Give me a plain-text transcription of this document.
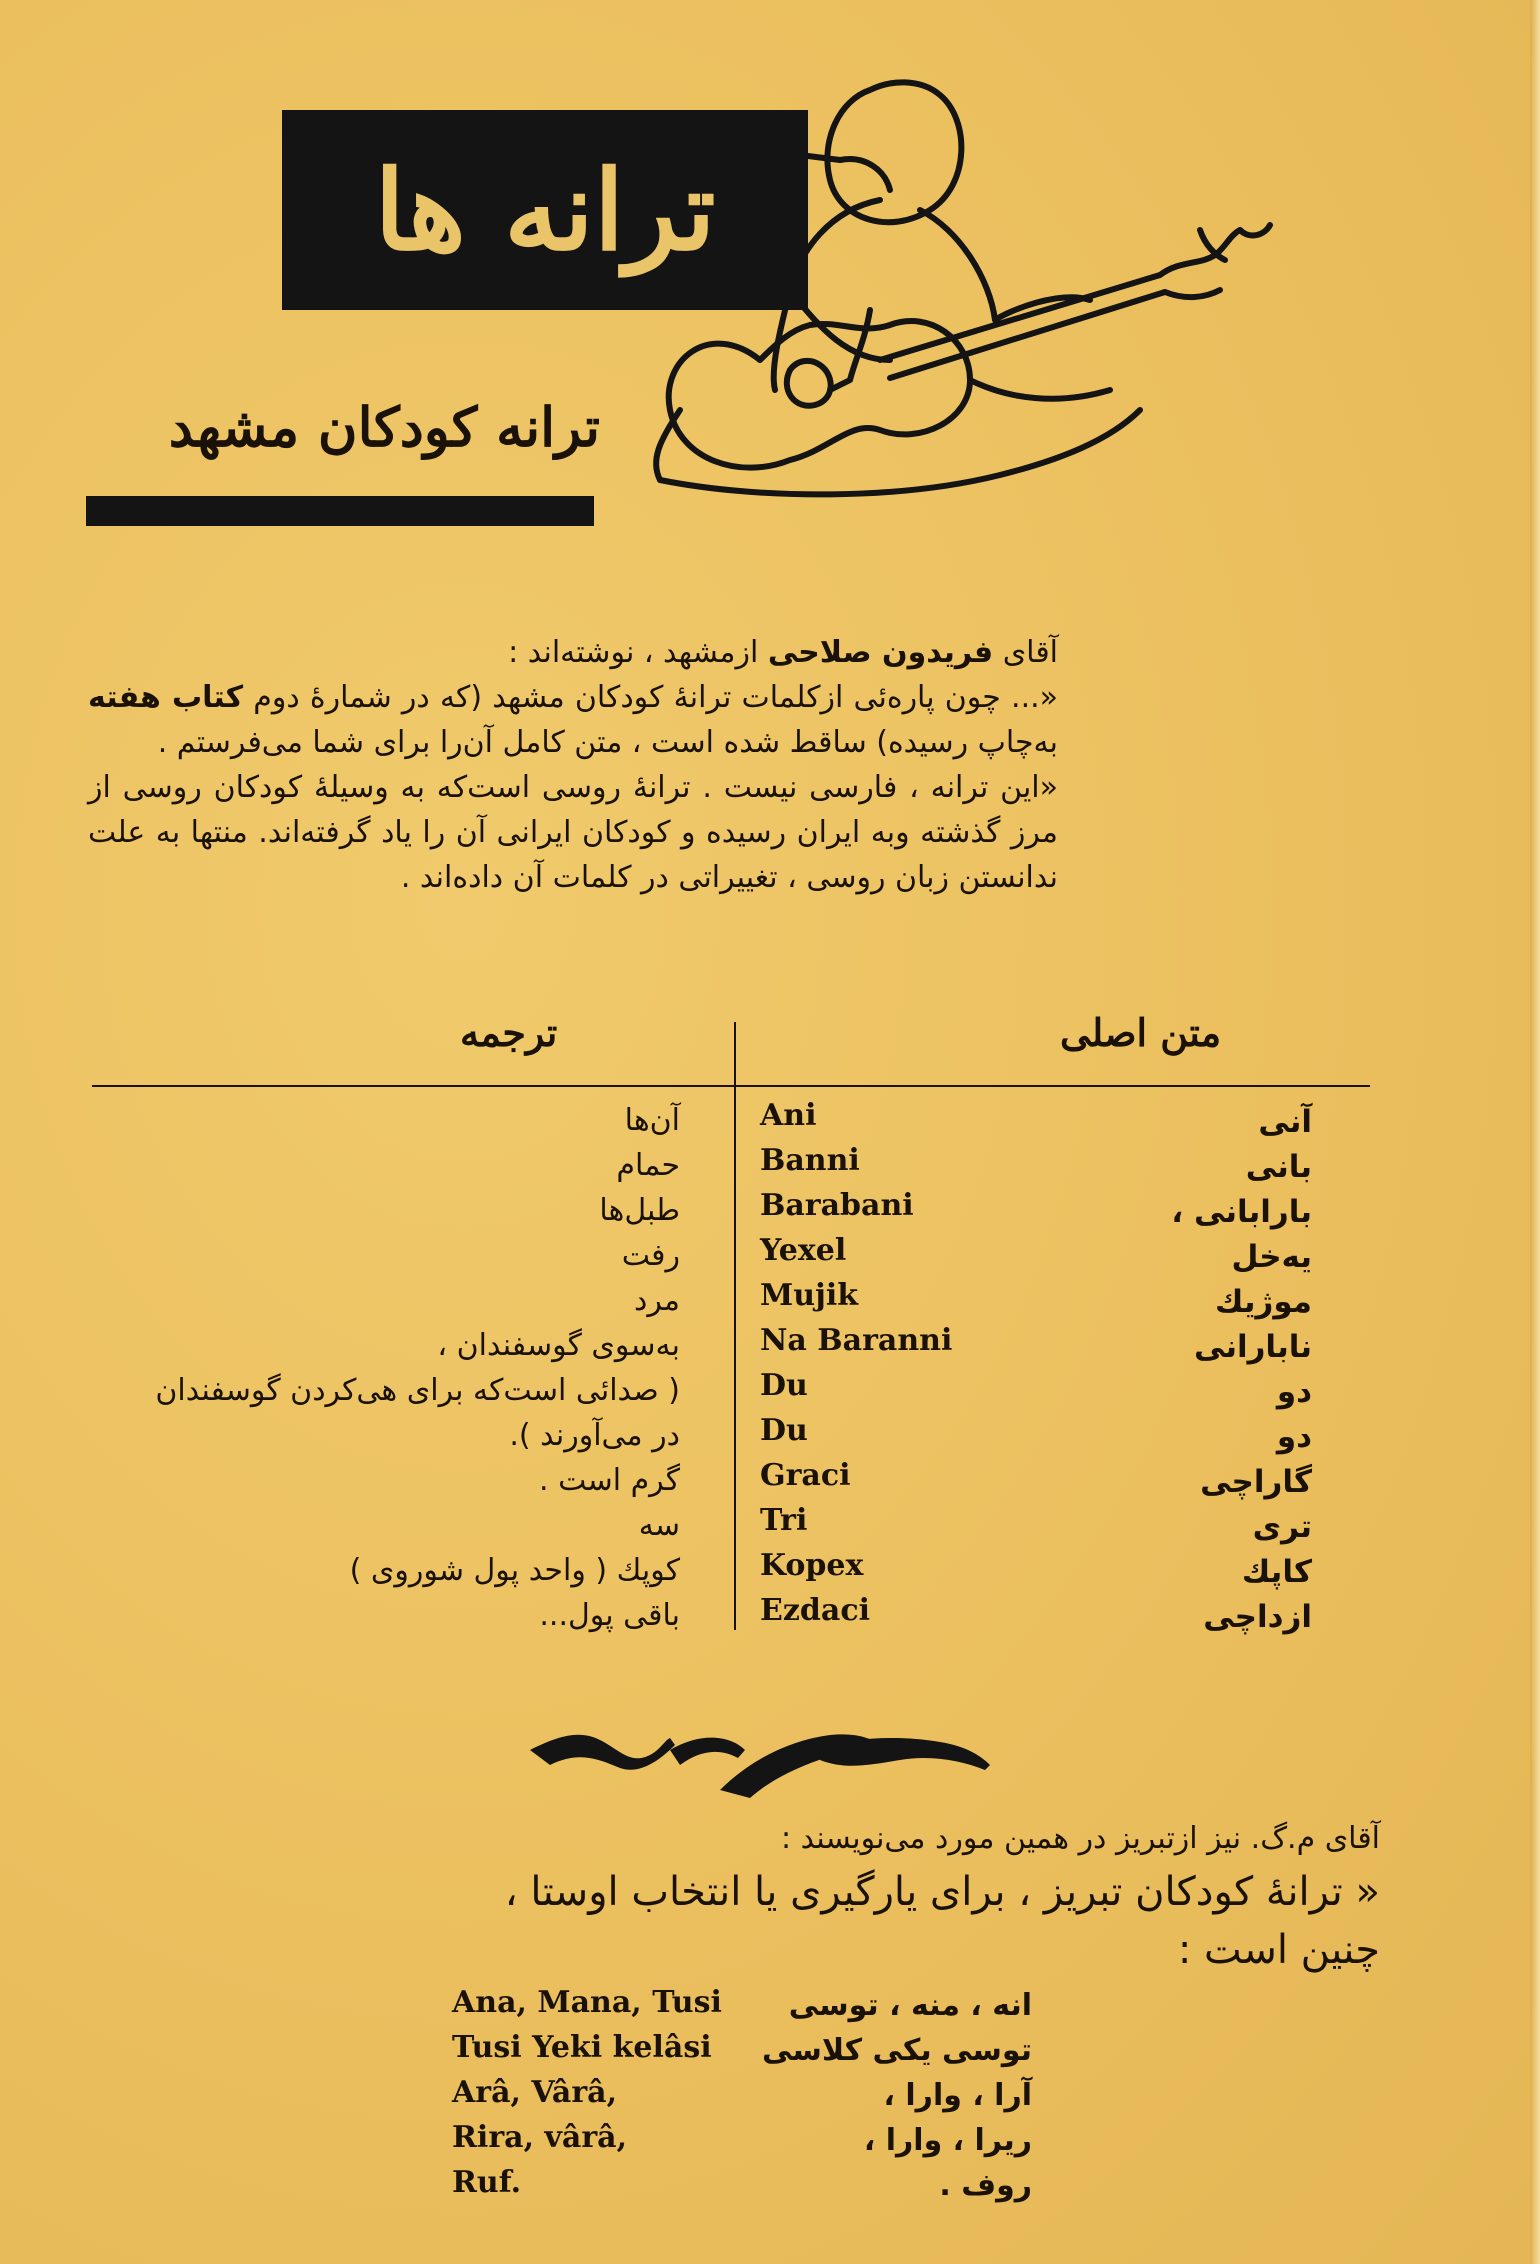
ترانه ها
ترانه کودکان مشهد

آقای فریدون صلاحی ازمشهد ، نوشته‌اند :

«... چون پاره‌ئی ازکلمات ترانهٔ کودکان مشهد (که در شمارهٔ دوم کتاب هفته به‌چاپ رسیده) ساقط شده است ، متن کامل آن‌را برای شما می‌فرستم .

«این ترانه ، فارسی نیست . ترانهٔ روسی است‌که به وسیلهٔ کودکان روسی از مرز گذشته وبه ایران رسیده و کودکان ایرانی آن را یاد گرفته‌اند. منتها به علت ندانستن زبان روسی ، تغییراتی در کلمات آن داده‌اند .

ترجمه	متن اصلی
آن‌ها
حمام
طبل‌ها
رفت
مرد
به‌سوی گوسفندان ،
( صدائی است‌که برای هی‌کردن گوسفندان
در می‌آورند ).
گرم است .
سه
کوپك ( واحد پول شوروی )
باقی پول...
Ani
Banni
Barabani
Yexel
Mujik
Na Baranni
Du
Du
Graci
Tri
Kopex
Ezdaci
آنی
بانی
بارابانی ،
یه‌خل
موژیك
نابارانی
دو
دو
گاراچی
تری
کاپك
ازداچی

آقای م.گ. نیز ازتبریز در همین مورد می‌نویسند :

« ترانهٔ کودکان تبریز ، برای یارگیری یا انتخاب اوستا ،

چنین است :

Ana, Mana, Tusi
Tusi Yeki kelâsi
Arâ, Vârâ,
Rira, vârâ,
Ruf.
انه ، منه ، توسی
توسی یکی کلاسی
آرا ، وارا ،
ریرا ، وارا ،
روف .
